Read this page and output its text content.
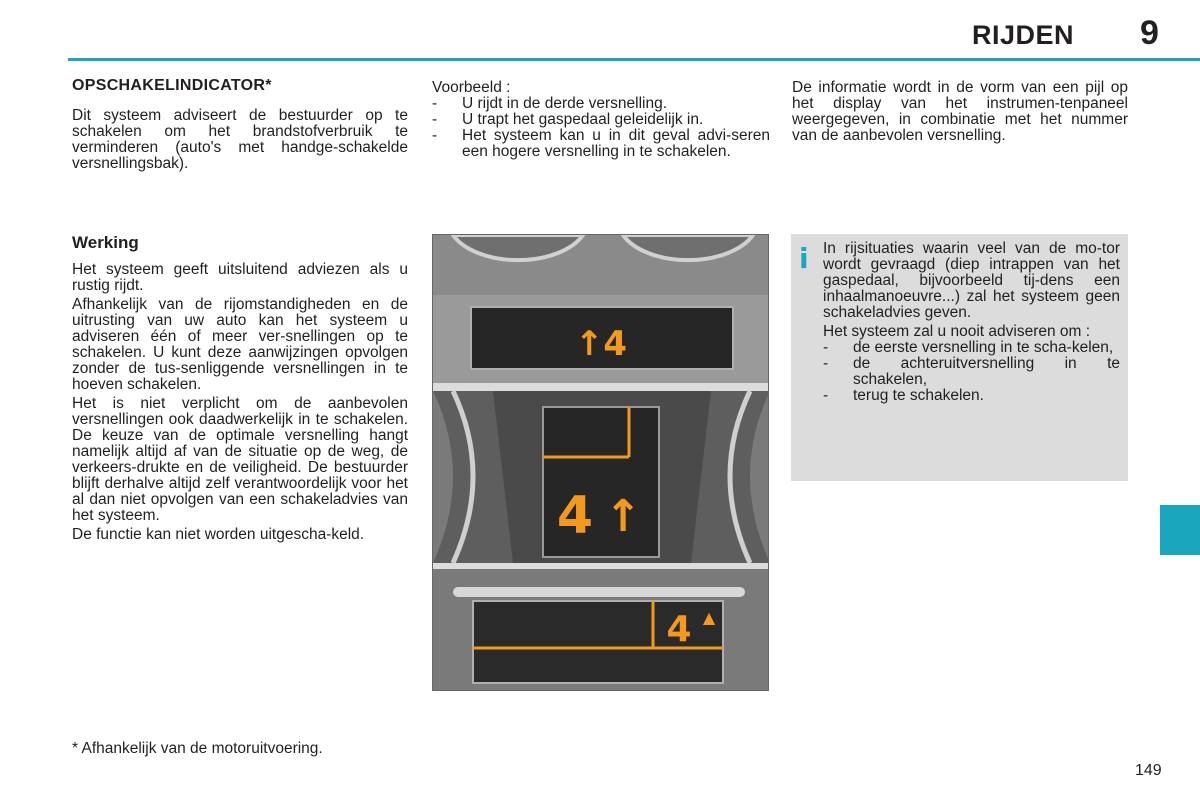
RIJDEN 9
OPSCHAKELINDICATOR*

Dit systeem adviseert de bestuurder op te schakelen om het brandstofverbruik te verminderen (auto's met handge-schakelde versnellingsbak).

Werking

Het systeem geeft uitsluitend adviezen als u rustig rijdt.

Afhankelijk van de rijomstandigheden en de uitrusting van uw auto kan het systeem u adviseren één of meer ver-snellingen op te schakelen. U kunt deze aanwijzingen opvolgen zonder de tus-senliggende versnellingen in te hoeven schakelen.

Het is niet verplicht om de aanbevolen versnellingen ook daadwerkelijk in te schakelen. De keuze van de optimale versnelling hangt namelijk altijd af van de situatie op de weg, de verkeers-drukte en de veiligheid. De bestuurder blijft derhalve altijd zelf verantwoordelijk voor het al dan niet opvolgen van een schakeladvies van het systeem.

De functie kan niet worden uitgescha-keld.

Voorbeeld :

- U rijdt in de derde versnelling.
- U trapt het gaspedaal geleidelijk in.
- Het systeem kan u in dit geval advi-seren een hogere versnelling in te schakelen.

De informatie wordt in de vorm van een pijl op het display van het instrumen-tenpaneel weergegeven, in combinatie met het nummer van de aanbevolen versnelling.

i In rijsituaties waarin veel van de mo-tor wordt gevraagd (diep intrappen van het gaspedaal, bijvoorbeeld tij-dens een inhaalmanoeuvre...) zal het systeem geen schakeladvies geven.

Het systeem zal u nooit adviseren om :

- de eerste versnelling in te scha-kelen,
- de achteruitversnelling in te schakelen,
- terug te schakelen.
↑4
4 ↑
4 ▲
* Afhankelijk van de motoruitvoering.
149
